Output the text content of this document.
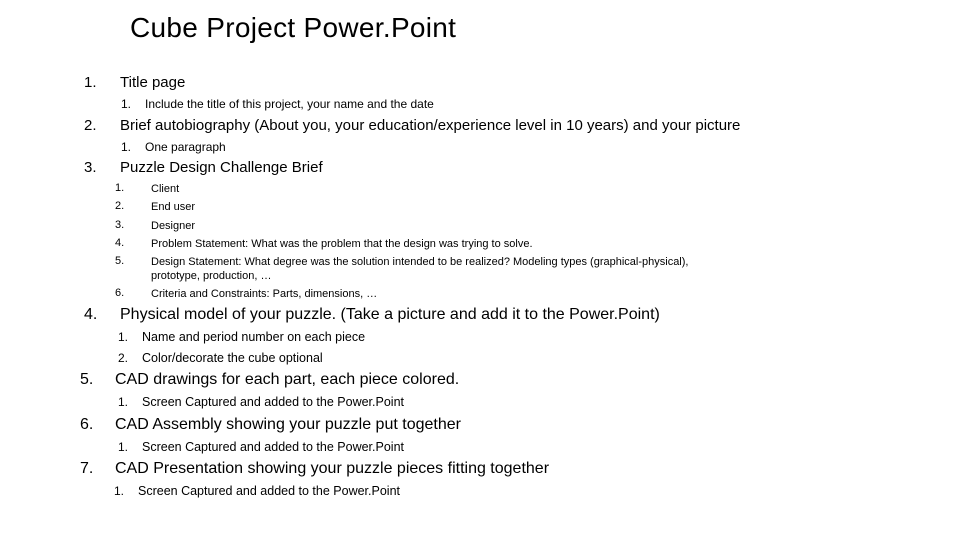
Cube Project Power.Point
1. Title page
1. Include the title of this project, your name and the date
2. Brief autobiography (About you, your education/experience level in 10 years) and your picture
1. One paragraph
3. Puzzle Design Challenge Brief
1. Client
2. End user
3. Designer
4. Problem Statement: What was the problem that the design was trying to solve.
5. Design Statement: What degree was the solution intended to be realized? Modeling types (graphical-physical),
prototype, production, …
6. Criteria and Constraints: Parts, dimensions, …
4. Physical model of your puzzle. (Take a picture and add it to the Power.Point)
1. Name and period number on each piece
2. Color/decorate the cube optional
5. CAD drawings for each part, each piece colored.
1. Screen Captured and added to the Power.Point
6. CAD Assembly showing your puzzle put together
1. Screen Captured and added to the Power.Point
7. CAD Presentation showing your puzzle pieces fitting together
1. Screen Captured and added to the Power.Point
